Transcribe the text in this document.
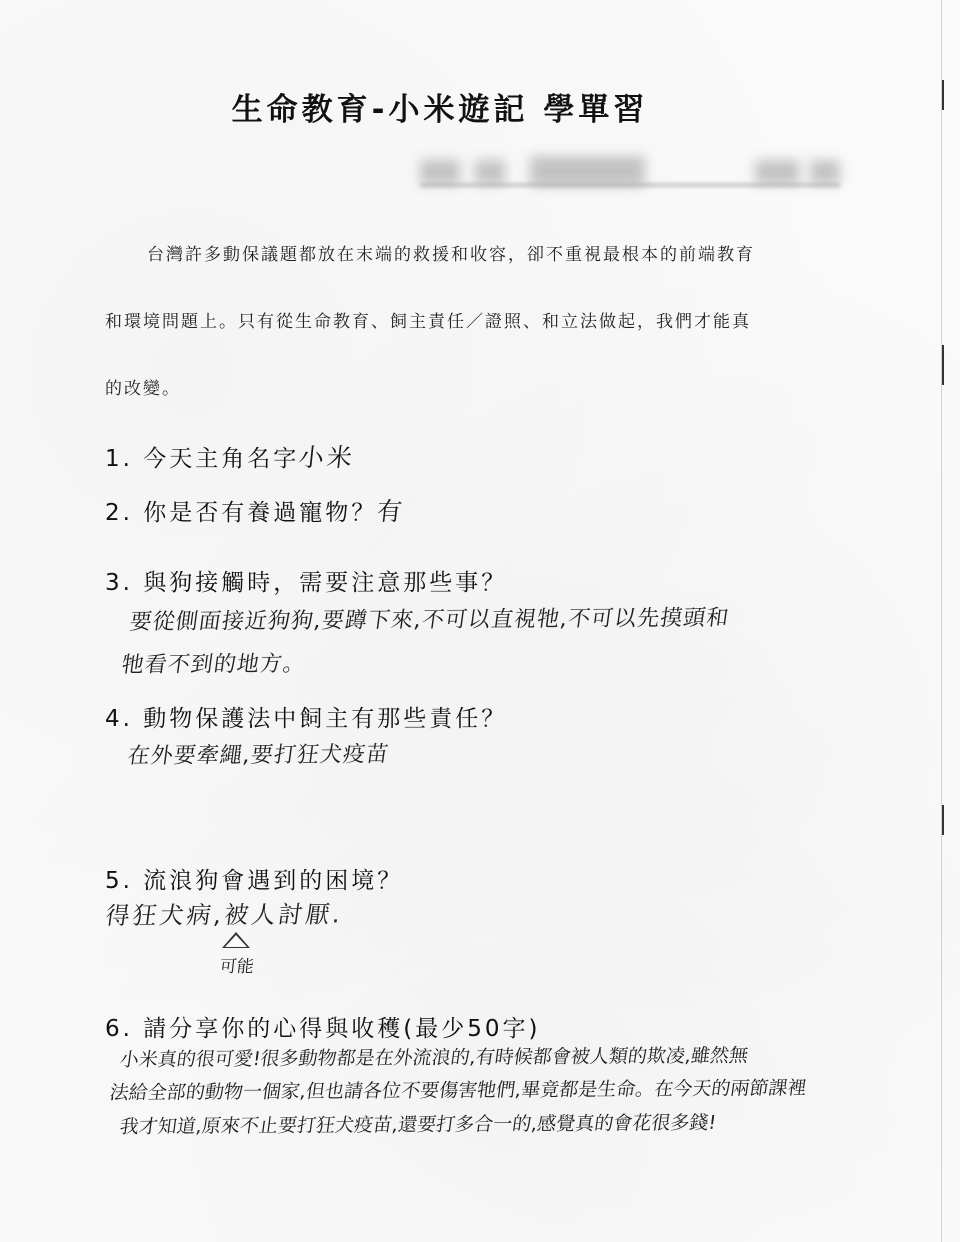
生命教育-小米遊記 學單習

台灣許多動保議題都放在末端的救援和收容，卻不重視最根本的前端教育

和環境問題上。只有從生命教育、飼主責任／證照、和立法做起，我們才能真

的改變。

1. 今天主角名字小米
2. 你是否有養過寵物？有
3. 與狗接觸時，需要注意那些事？
要從側面接近狗狗,要蹲下來,不可以直視牠,不可以先摸頭和
牠看不到的地方。
4. 動物保護法中飼主有那些責任？
在外要牽繩,要打狂犬疫苗
5. 流浪狗會遇到的困境？
得狂犬病,被人討厭.
可能
6. 請分享你的心得與收穫(最少50字)
小米真的很可愛!很多動物都是在外流浪的,有時候都會被人類的欺凌,雖然無
法給全部的動物一個家,但也請各位不要傷害牠們,畢竟都是生命。在今天的兩節課裡
我才知道,原來不止要打狂犬疫苗,還要打多合一的,感覺真的會花很多錢!
